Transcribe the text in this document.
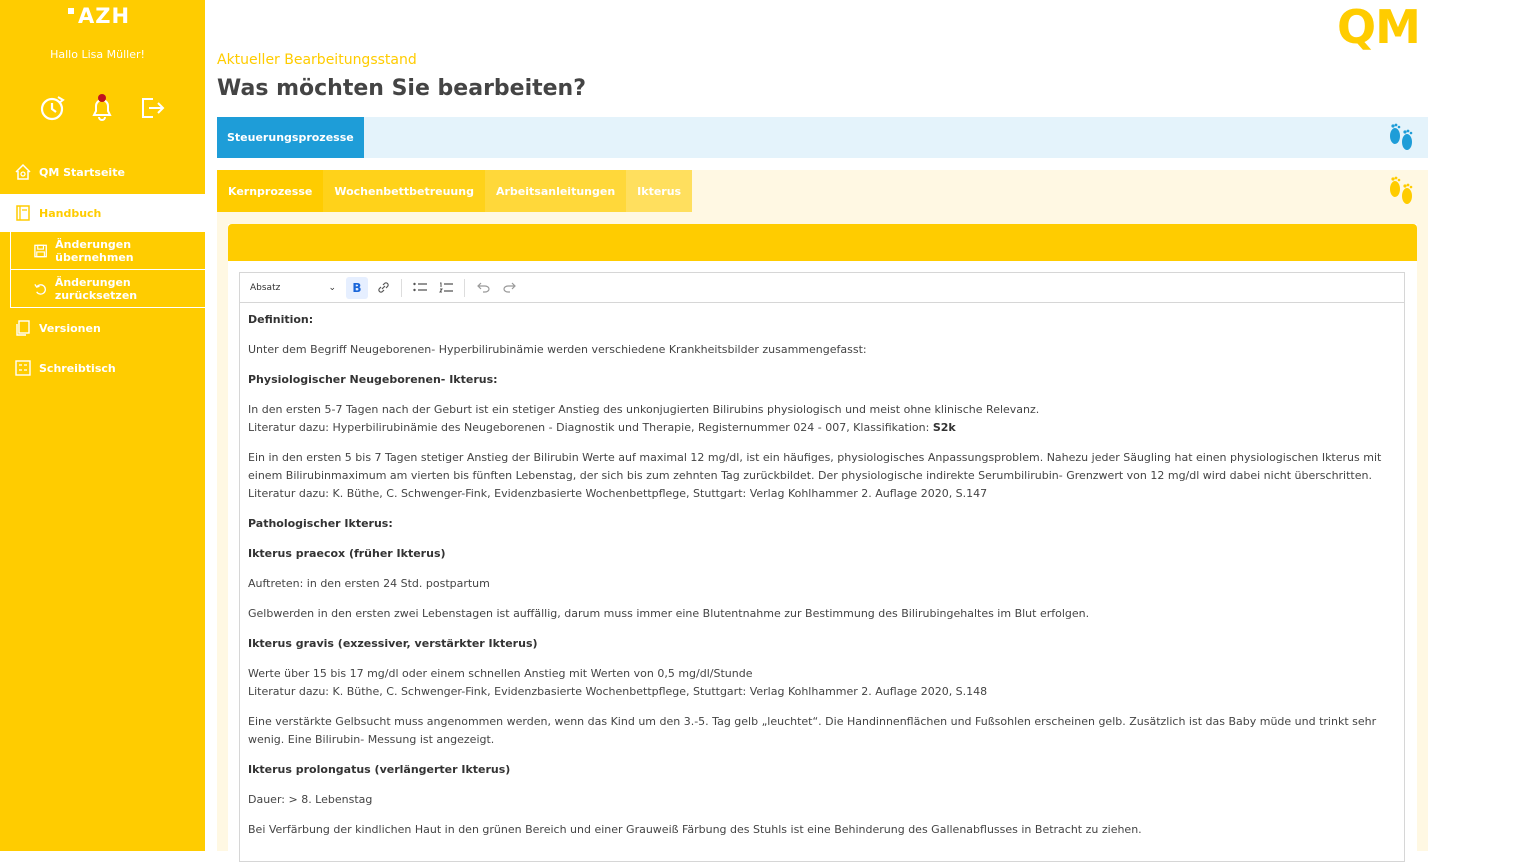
AZH
Hallo Lisa Müller!
QM Startseite
Handbuch
Änderungen übernehmen
Änderungen zurücksetzen
Versionen
Schreibtisch
QM
Aktueller Bearbeitungsstand
Was möchten Sie bearbeiten?
Steuerungsprozesse
Kernprozesse	Wochenbettbetreuung	Arbeitsanleitungen	Ikterus
Absatz	⌄	B

Definition:

Unter dem Begriff Neugeborenen- Hyperbilirubinämie werden verschiedene Krankheitsbilder zusammengefasst:

Physiologischer Neugeborenen- Ikterus:

In den ersten 5-7 Tagen nach der Geburt ist ein stetiger Anstieg des unkonjugierten Bilirubins physiologisch und meist ohne klinische Relevanz.
Literatur dazu: Hyperbilirubinämie des Neugeborenen - Diagnostik und Therapie, Registernummer 024 - 007, Klassifikation: S2k

Ein in den ersten 5 bis 7 Tagen stetiger Anstieg der Bilirubin Werte auf maximal 12 mg/dl, ist ein häufiges, physiologisches Anpassungsproblem. Nahezu jeder Säugling hat einen physiologischen Ikterus mit einem Bilirubinmaximum am vierten bis fünften Lebenstag, der sich bis zum zehnten Tag zurückbildet. Der physiologische indirekte Serumbilirubin- Grenzwert von 12 mg/dl wird dabei nicht überschritten.
Literatur dazu: K. Büthe, C. Schwenger-Fink, Evidenzbasierte Wochenbettpflege, Stuttgart: Verlag Kohlhammer 2. Auflage 2020, S.147

Pathologischer Ikterus:

Ikterus praecox (früher Ikterus)

Auftreten: in den ersten 24 Std. postpartum

Gelbwerden in den ersten zwei Lebenstagen ist auffällig, darum muss immer eine Blutentnahme zur Bestimmung des Bilirubingehaltes im Blut erfolgen.

Ikterus gravis (exzessiver, verstärkter Ikterus)

Werte über 15 bis 17 mg/dl oder einem schnellen Anstieg mit Werten von 0,5 mg/dl/Stunde
Literatur dazu: K. Büthe, C. Schwenger-Fink, Evidenzbasierte Wochenbettpflege, Stuttgart: Verlag Kohlhammer 2. Auflage 2020, S.148

Eine verstärkte Gelbsucht muss angenommen werden, wenn das Kind um den 3.-5. Tag gelb „leuchtet“. Die Handinnenflächen und Fußsohlen erscheinen gelb. Zusätzlich ist das Baby müde und trinkt sehr wenig. Eine Bilirubin- Messung ist angezeigt.

Ikterus prolongatus (verlängerter Ikterus)

Dauer: > 8. Lebenstag

Bei Verfärbung der kindlichen Haut in den grünen Bereich und einer Grauweiß Färbung des Stuhls ist eine Behinderung des Gallenabflusses in Betracht zu ziehen.
